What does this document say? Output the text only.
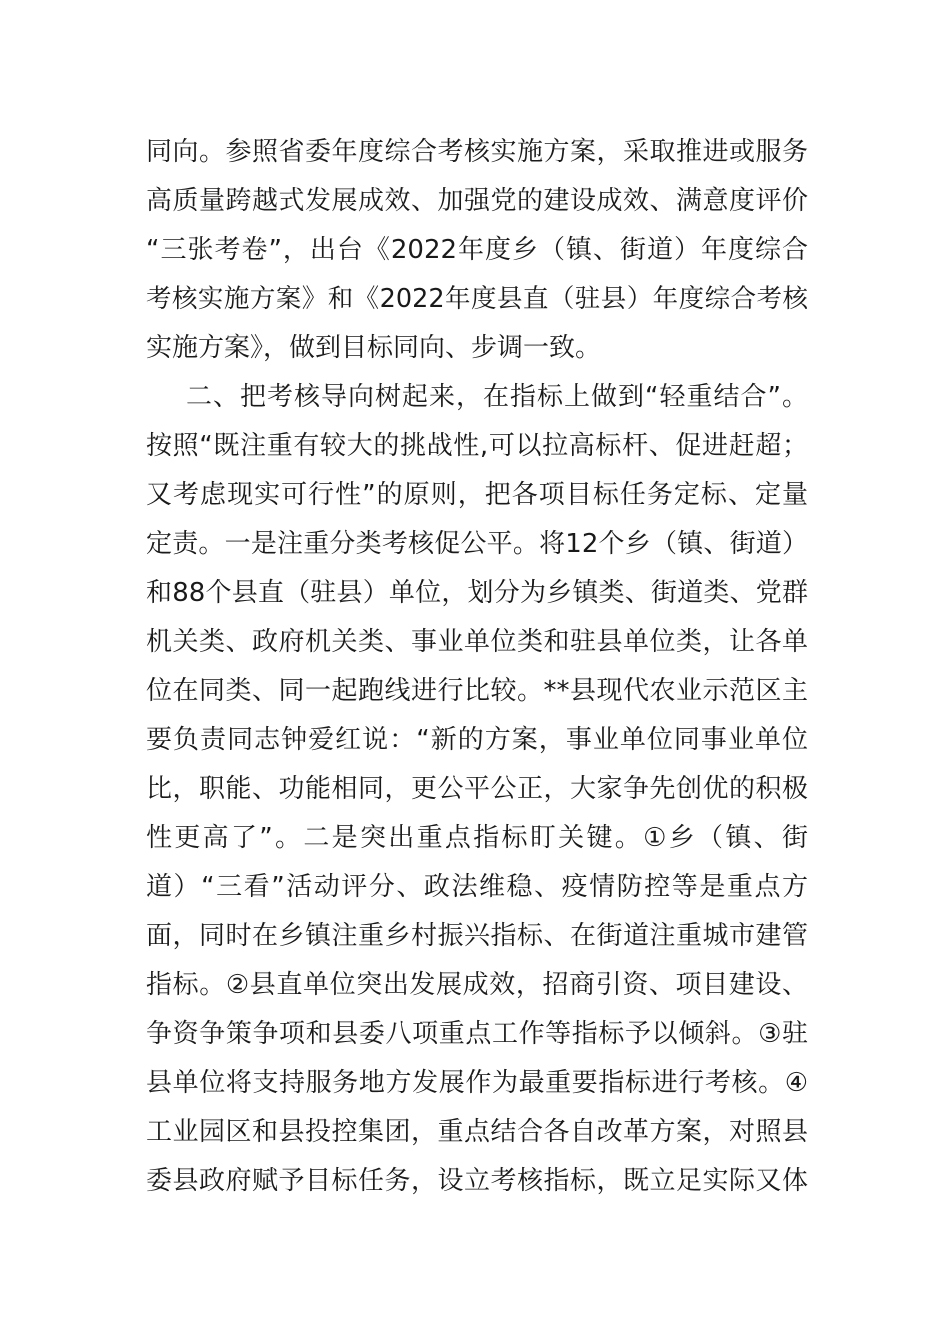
同向。参照省委年度综合考核实施方案，采取推进或服务
高质量跨越式发展成效、加强党的建设成效、满意度评价
“三张考卷”，出台《2022年度乡（镇、街道）年度综合
考核实施方案》和《2022年度县直（驻县）年度综合考核
实施方案》，做到目标同向、步调一致。
二、把考核导向树起来，在指标上做到“轻重结合”。
按照“既注重有较大的挑战性,可以拉高标杆、促进赶超；
又考虑现实可行性”的原则，把各项目标任务定标、定量
定责。一是注重分类考核促公平。将12个乡（镇、街道）
和88个县直（驻县）单位，划分为乡镇类、街道类、党群
机关类、政府机关类、事业单位类和驻县单位类，让各单
位在同类、同一起跑线进行比较。**县现代农业示范区主
要负责同志钟爱红说：“新的方案，事业单位同事业单位
比，职能、功能相同，更公平公正，大家争先创优的积极
性更高了”。二是突出重点指标盯关键。①乡（镇、街
道）“三看”活动评分、政法维稳、疫情防控等是重点方
面，同时在乡镇注重乡村振兴指标、在街道注重城市建管
指标。②县直单位突出发展成效，招商引资、项目建设、
争资争策争项和县委八项重点工作等指标予以倾斜。③驻
县单位将支持服务地方发展作为最重要指标进行考核。④
工业园区和县投控集团，重点结合各自改革方案，对照县
委县政府赋予目标任务，设立考核指标，既立足实际又体
